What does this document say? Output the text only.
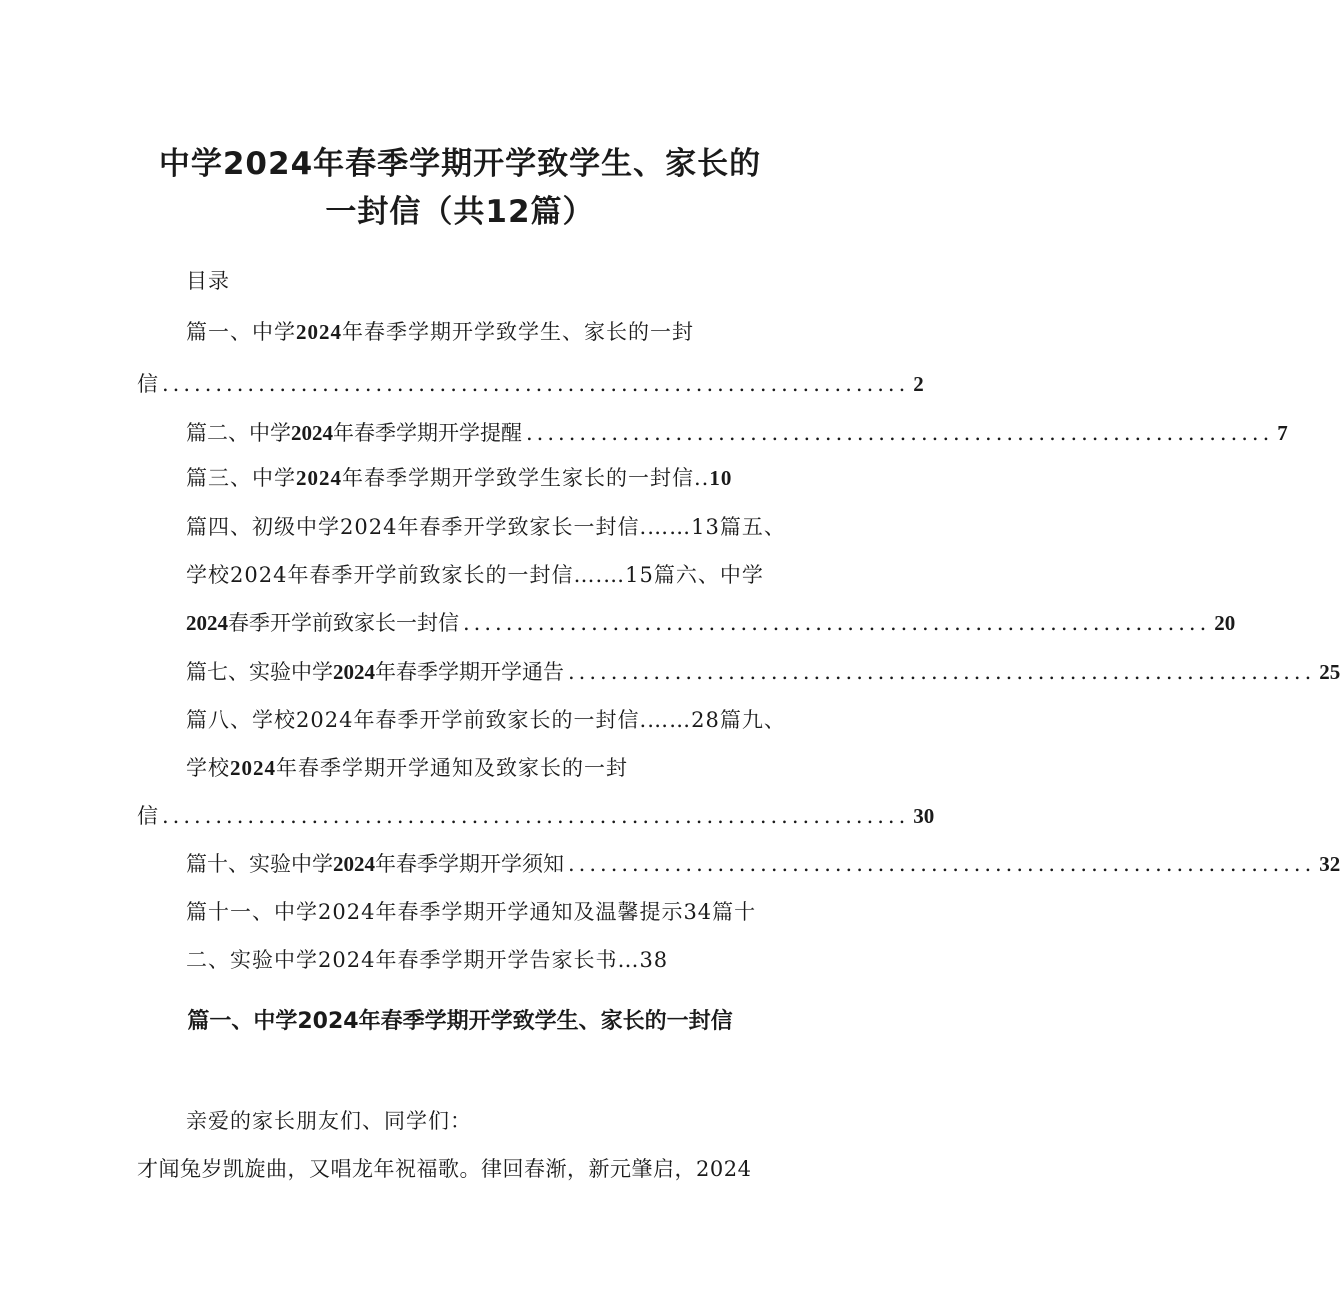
中学2024年春季学期开学致学生、家长的
一封信（共12篇）
目录
篇一、中学2024年春季学期开学致学生、家长的一封
信 ...................................................................... 2
篇二、中学2024年春季学期开学提醒 ...................................................................... 7
篇三、中学2024年春季学期开学致学生家长的一封信..10
篇四、初级中学2024年春季开学致家长一封信.……13篇五、
学校2024年春季开学前致家长的一封信….…15篇六、中学
2024春季开学前致家长一封信 ...................................................................... 20
篇七、实验中学2024年春季学期开学通告 ...................................................................... 25
篇八、学校2024年春季开学前致家长的一封信.……28篇九、
学校2024年春季学期开学通知及致家长的一封
信 ...................................................................... 30
篇十、实验中学2024年春季学期开学须知 ...................................................................... 32
篇十一、中学2024年春季学期开学通知及温馨提示34篇十
二、实验中学2024年春季学期开学告家长书…38
篇一、中学2024年春季学期开学致学生、家长的一封信
亲爱的家长朋友们、同学们：
才闻兔岁凯旋曲，又唱龙年祝福歌。律回春渐，新元肇启，2024
